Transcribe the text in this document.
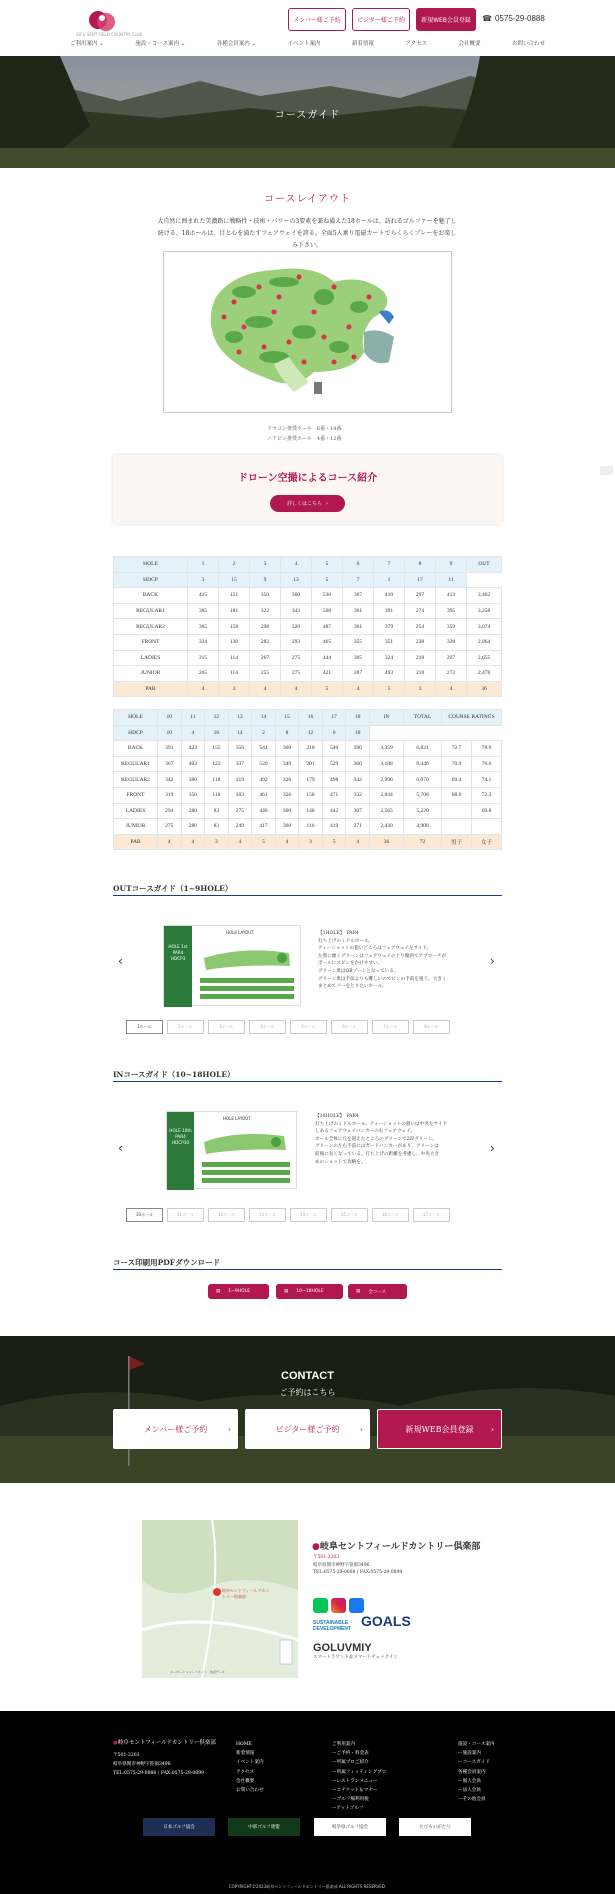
GIFU SENT FIELD COUNTRY CLUB
メンバー様ご予約	ビジター様ご予約	新規WEB会員登録	☎ 0575-29-0888
ご利用案内 ⌄	施設・コース案内 ⌄	各種会員案内 ⌄	イベント案内	新着情報	アクセス	会社概要	お問い合わせ
コースガイド
コースレイアウト
大自然に囲まれた美濃路に戦略性・技術・パワーの3要素を兼ね備えた18ホールは、訪れるゴルファーを魅了し続ける、18ホールは、目と心を満たすフェアウェイを誇る。全面5人乗り電磁カートでらくらくプレーをお楽しみ下さい。
ドラコン推奨ホール　6番・14番
ニアピン推奨ホール　4番・12番
ドローン空撮によるコース紹介
詳しくはこちら ›
HOLE	1	2	3	4	5	6	7	8	9	OUT
HDCP	3	15	9	13	5	7	1	17	11	
BACK	415	151	350	360	530	387	410	297	413	3,462
REGULAR1	385	181	322	343	508	361	391	274	395	3,258
REGULAR2	365	158	298	320	487	361	379	254	359	3,074
FRONT	334	130	282	293	465	355	351	238	328	2,864
LADIES	315	114	267	275	444	305	324	218	297	2,655
JUNIOR	265	114	255	275	421	287	493	218	272	2,478
PAR	4	3	4	4	5	4	5	3	4	36
HOLE	10	11	12	13	14	15	16	17	18	IN	TOTAL	COURSE RATINGS	
HDCP	10	4	16	14	2	8	12	6	18				
BACK	391	423	155	356	544	360	218	540	390	3,359	6,821	72.7	78.9
REGULAR1	367	403	123	337	520	349	201	529	360	3,188	6,446	70.9	76.0
REGULAR2	342	380	118	319	492	326	179	498	342	2,996	6,070	69.4	74.1
FRONT	319	356	118	303	461	326	158	471	332	2,844	5,708	68.0	72.3
LADIES	294	280	83	275	440	300	148	442	307	2,565	5,220		69.8
JUNIOR	275	280	83	249	417	300	116	419	271	2,430	4,908		
PAR	4	4	3	4	5	4	3	5	4	36	72	男子	女子
OUTコースガイド（1~9HOLE）
‹	›
HOLE 1st PAR4 HDCP3
HOLE LAYOUT	【1HOLE】　PAR4
打ち上げのミドルホール。
ティーショットの狙いどころはフェアウェイ左サイド。
左奥に傾くグリーンはフェアウェイの上り傾斜でアプローチが
ボールにスピンをかけやすい。
グリーン奥はOBゾーンとなっている。
グリーン奥は手前よりも難しいのでピンの手前を狙う。大きく
まとめてパーをとりたいホール。
1ホール	2ホール	3ホール	4ホール	5ホール	6ホール	7ホール	8ホール
INコースガイド（10~18HOLE）
‹	›
HOLE 10th PAR4 HDCP10
HOLE LAYOUT	【10HOLE】　PAR4
打ち上げのミドルホール。ティーショットの狙いは中央左サイド
しあるフェアウェイバンカーの右フェアウェイ。
ホール全体に丘を超えたところのグリーンで2段グリーン。
グリーンの左右手前にはガードバンカーがあり、グリーンは
前後に長くなっている。打ち上げの距離を考慮し、中央大き
めのショットで攻略を。
10ホール	11ホール	12ホール	13ホール	14ホール	15ホール	16ホール	17ホール
コース印刷用PDFダウンロード
▤ 1~9HOLE	▤ 10~18HOLE	▤ 全コース
CONTACT
ご予約はこちら
メンバー様ご予約	›	ビジター様ご予約	›	新規WEB会員登録 ›
岐阜セントフィールドカントリー倶楽部
キーボード ショートカット　地図データ
●岐阜セントフィールドカントリー倶楽部
〒501-3203
岐阜県関市神野字笹洞3496
TEL:0575-29-0888 / FAX:0575-29-0899
SUSTAINABLE DEVELOPMENT GOALS
GOLUVMIY
スマートラウンド＆スマートチェックイン
●岐阜セントフィールドカントリー倶楽部
〒501-3203
岐阜県関市神野字笹洞3496
TEL:0575-29-0888 / FAX:0575-29-0899
HOME
新着情報
イベント案内
アクセス
会社概要
お問い合わせ
ご利用案内
ーご予約・料金表
ー所属プロご紹介
ー所属フィッティングプロ
ーレストランメニュー
ーエチケット＆マナー
ーゴルフ場利用税
ーアットゴルフ
施設・コース案内
ー施設案内
ーコースガイド
各種会員案内
ー個人会員
ー法人会員
ーその他会員
日本ゴルフ協会	中部ゴルフ連盟	岐阜県ゴルフ協会	たびものがたり
COPYRIGHT©2023岐阜セントフィールドカントリー倶楽部 ALL RIGHTS RESERVED.
